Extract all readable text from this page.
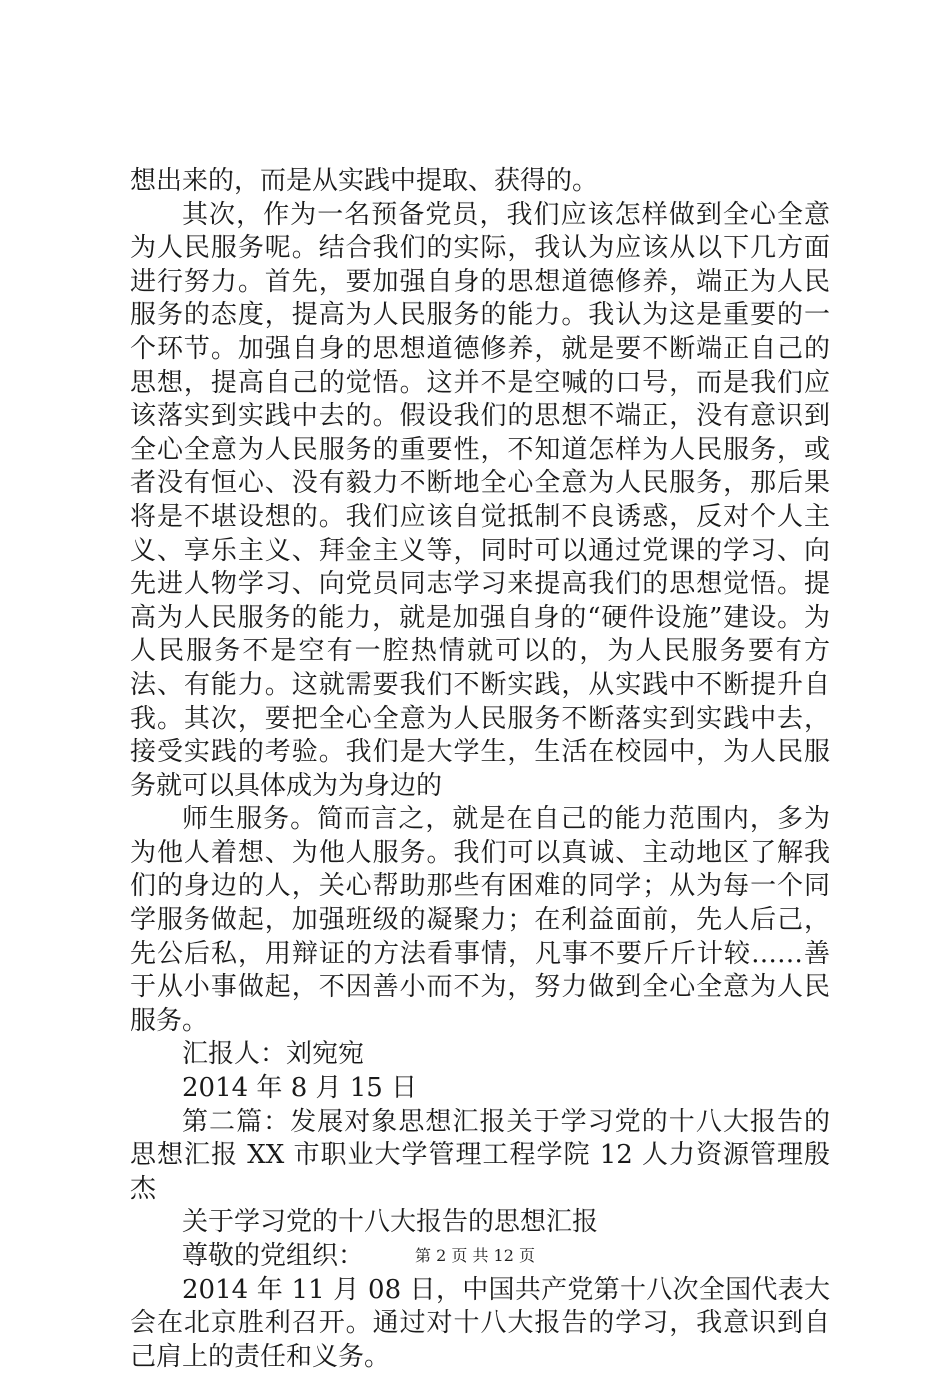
想出来的，而是从实践中提取、获得的。

其次，作为一名预备党员，我们应该怎样做到全心全意为人民服务呢。结合我们的实际，我认为应该从以下几方面进行努力。首先，要加强自身的思想道德修养，端正为人民服务的态度，提高为人民服务的能力。我认为这是重要的一个环节。加强自身的思想道德修养，就是要不断端正自己的思想，提高自己的觉悟。这并不是空喊的口号，而是我们应该落实到实践中去的。假设我们的思想不端正，没有意识到全心全意为人民服务的重要性，不知道怎样为人民服务，或者没有恒心、没有毅力不断地全心全意为人民服务，那后果将是不堪设想的。我们应该自觉抵制不良诱惑，反对个人主义、享乐主义、拜金主义等，同时可以通过党课的学习、向先进人物学习、向党员同志学习来提高我们的思想觉悟。提高为人民服务的能力，就是加强自身的“硬件设施”建设。为人民服务不是空有一腔热情就可以的，为人民服务要有方法、有能力。这就需要我们不断实践，从实践中不断提升自我。其次，要把全心全意为人民服务不断落实到实践中去，接受实践的考验。我们是大学生，生活在校园中，为人民服务就可以具体成为为身边的

师生服务。简而言之，就是在自己的能力范围内，多为为他人着想、为他人服务。我们可以真诚、主动地区了解我们的身边的人，关心帮助那些有困难的同学；从为每一个同学服务做起，加强班级的凝聚力；在利益面前，先人后己，先公后私，用辩证的方法看事情，凡事不要斤斤计较……善于从小事做起，不因善小而不为，努力做到全心全意为人民服务。

汇报人：刘宛宛

2014 年 8 月 15 日

第二篇：发展对象思想汇报关于学习党的十八大报告的思想汇报 XX 市职业大学管理工程学院 12 人力资源管理殷杰

关于学习党的十八大报告的思想汇报

尊敬的党组织：

2014 年 11 月 08 日，中国共产党第十八次全国代表大会在北京胜利召开。通过对十八大报告的学习，我意识到自己肩上的责任和义务。

第 2 页 共 12 页
